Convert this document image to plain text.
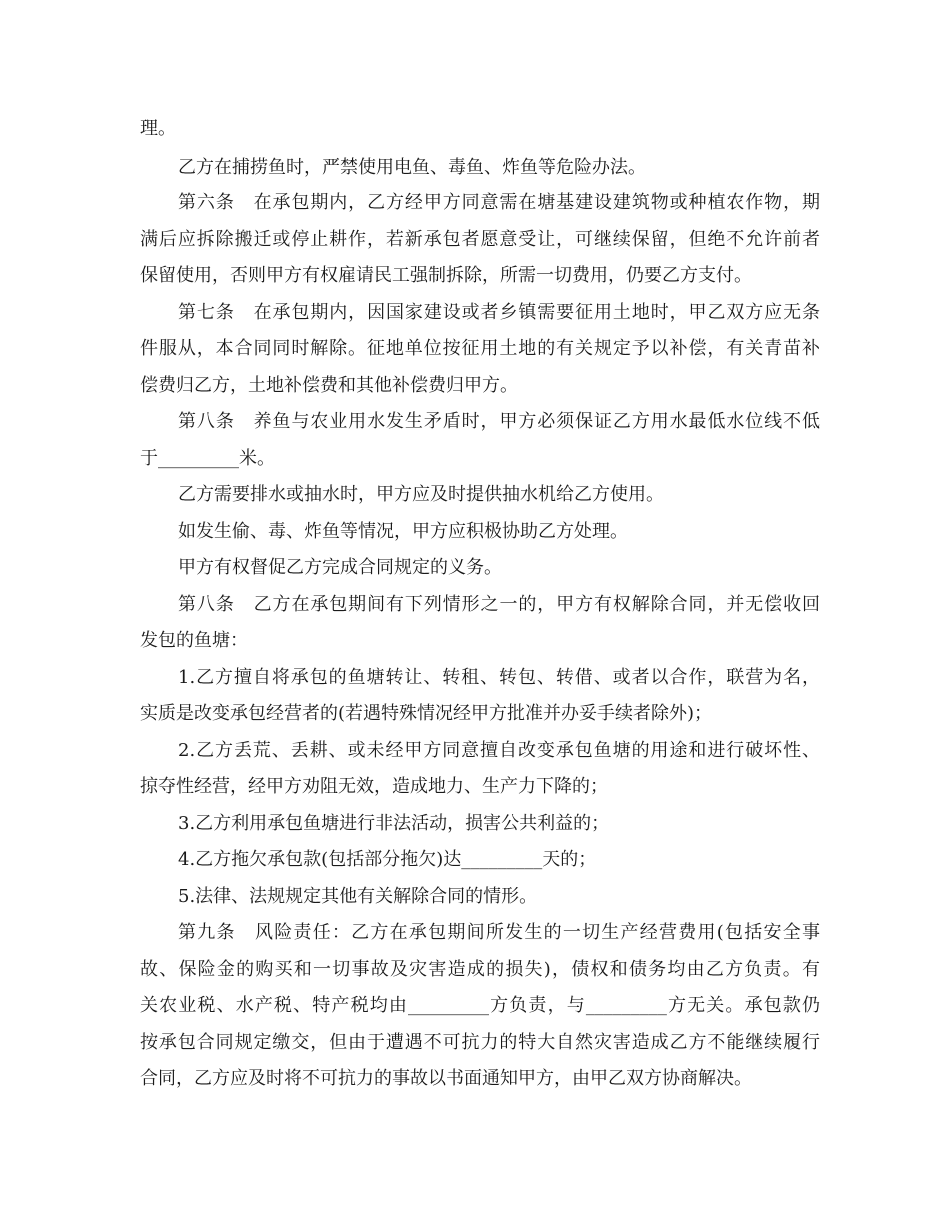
理。
乙方在捕捞鱼时，严禁使用电鱼、毒鱼、炸鱼等危险办法。
第六条　在承包期内，乙方经甲方同意需在塘基建设建筑物或种植农作物，期
满后应拆除搬迁或停止耕作，若新承包者愿意受让，可继续保留，但绝不允许前者
保留使用，否则甲方有权雇请民工强制拆除，所需一切费用，仍要乙方支付。
第七条　在承包期内，因国家建设或者乡镇需要征用土地时，甲乙双方应无条
件服从，本合同同时解除。征地单位按征用土地的有关规定予以补偿，有关青苗补
偿费归乙方，土地补偿费和其他补偿费归甲方。
第八条　养鱼与农业用水发生矛盾时，甲方必须保证乙方用水最低水位线不低
于_________米。
乙方需要排水或抽水时，甲方应及时提供抽水机给乙方使用。
如发生偷、毒、炸鱼等情况，甲方应积极协助乙方处理。
甲方有权督促乙方完成合同规定的义务。
第八条　乙方在承包期间有下列情形之一的，甲方有权解除合同，并无偿收回
发包的鱼塘：
1.乙方擅自将承包的鱼塘转让、转租、转包、转借、或者以合作，联营为名，
实质是改变承包经营者的(若遇特殊情况经甲方批准并办妥手续者除外)；
2.乙方丢荒、丢耕、或未经甲方同意擅自改变承包鱼塘的用途和进行破坏性、
掠夺性经营，经甲方劝阻无效，造成地力、生产力下降的；
3.乙方利用承包鱼塘进行非法活动，损害公共利益的；
4.乙方拖欠承包款(包括部分拖欠)达_________天的；
5.法律、法规规定其他有关解除合同的情形。
第九条　风险责任：乙方在承包期间所发生的一切生产经营费用(包括安全事
故、保险金的购买和一切事故及灾害造成的损失)，债权和债务均由乙方负责。有
关农业税、水产税、特产税均由_________方负责，与_________方无关。承包款仍
按承包合同规定缴交，但由于遭遇不可抗力的特大自然灾害造成乙方不能继续履行
合同，乙方应及时将不可抗力的事故以书面通知甲方，由甲乙双方协商解决。
